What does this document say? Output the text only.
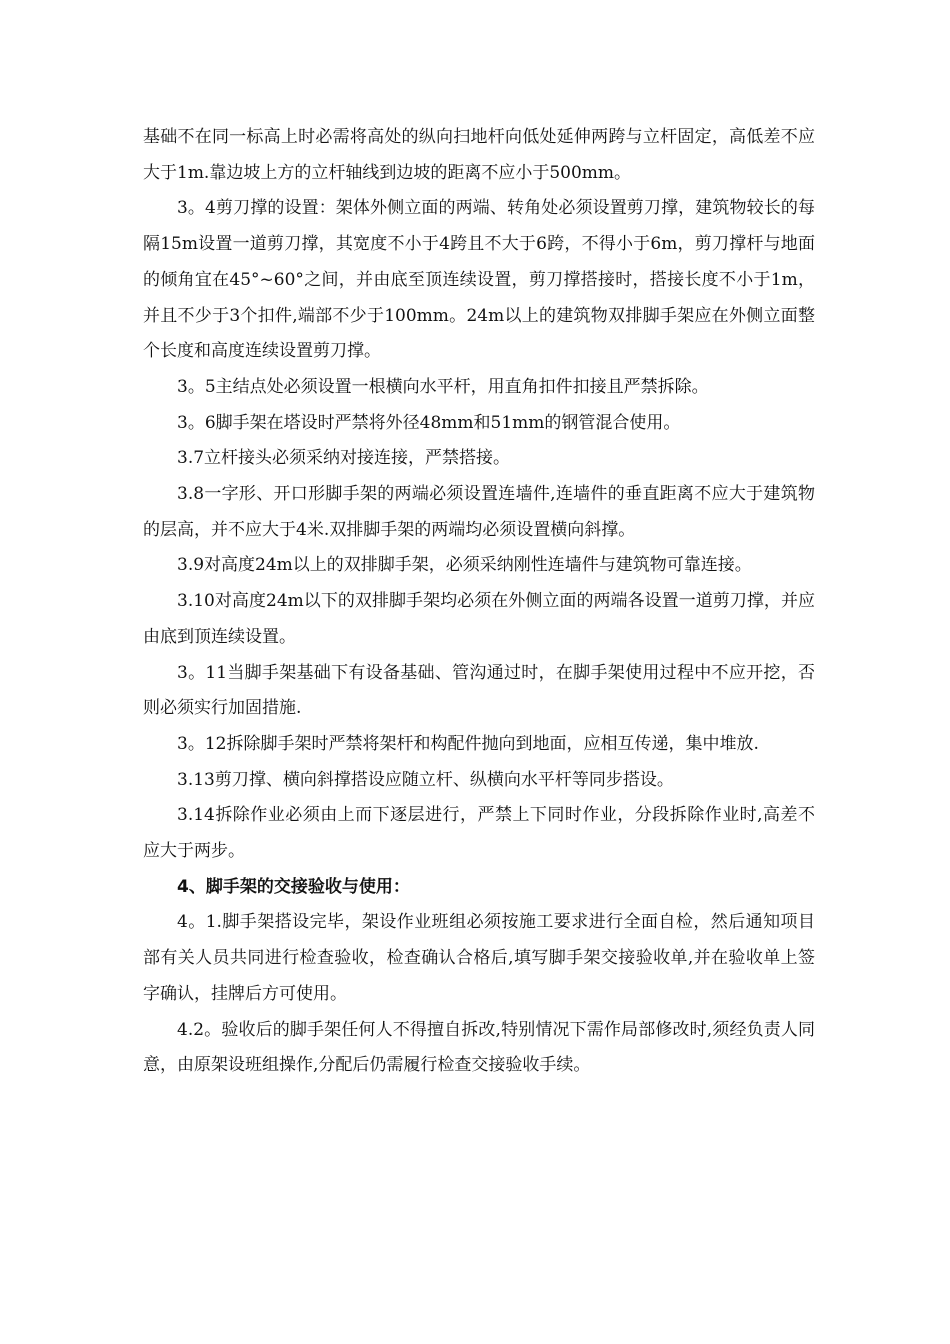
基础不在同一标高上时必需将高处的纵向扫地杆向低处延伸两跨与立杆固定，高低差不应大于1m.靠边坡上方的立杆轴线到边坡的距离不应小于500mm。

3。4剪刀撑的设置：架体外侧立面的两端、转角处必须设置剪刀撑，建筑物较长的每隔15m设置一道剪刀撑，其宽度不小于4跨且不大于6跨，不得小于6m，剪刀撑杆与地面的倾角宜在45°~60°之间，并由底至顶连续设置，剪刀撑搭接时，搭接长度不小于1m，并且不少于3个扣件,端部不少于100mm。24m以上的建筑物双排脚手架应在外侧立面整个长度和高度连续设置剪刀撑。

3。5主结点处必须设置一根横向水平杆，用直角扣件扣接且严禁拆除。

3。6脚手架在塔设时严禁将外径48mm和51mm的钢管混合使用。

3.7立杆接头必须采纳对接连接，严禁搭接。

3.8一字形、开口形脚手架的两端必须设置连墙件,连墙件的垂直距离不应大于建筑物的层高，并不应大于4米.双排脚手架的两端均必须设置横向斜撑。

3.9对高度24m以上的双排脚手架，必须采纳刚性连墙件与建筑物可靠连接。

3.10对高度24m以下的双排脚手架均必须在外侧立面的两端各设置一道剪刀撑，并应由底到顶连续设置。

3。11当脚手架基础下有设备基础、管沟通过时，在脚手架使用过程中不应开挖，否则必须实行加固措施.

3。12拆除脚手架时严禁将架杆和构配件抛向到地面，应相互传递，集中堆放.

3.13剪刀撑、横向斜撑搭设应随立杆、纵横向水平杆等同步搭设。

3.14拆除作业必须由上而下逐层进行，严禁上下同时作业，分段拆除作业时,高差不应大于两步。

4、脚手架的交接验收与使用：

4。1.脚手架搭设完毕，架设作业班组必须按施工要求进行全面自检，然后通知项目部有关人员共同进行检查验收，检查确认合格后,填写脚手架交接验收单,并在验收单上签字确认，挂牌后方可使用。

4.2。验收后的脚手架任何人不得擅自拆改,特别情况下需作局部修改时,须经负责人同意，由原架设班组操作,分配后仍需履行检查交接验收手续。
